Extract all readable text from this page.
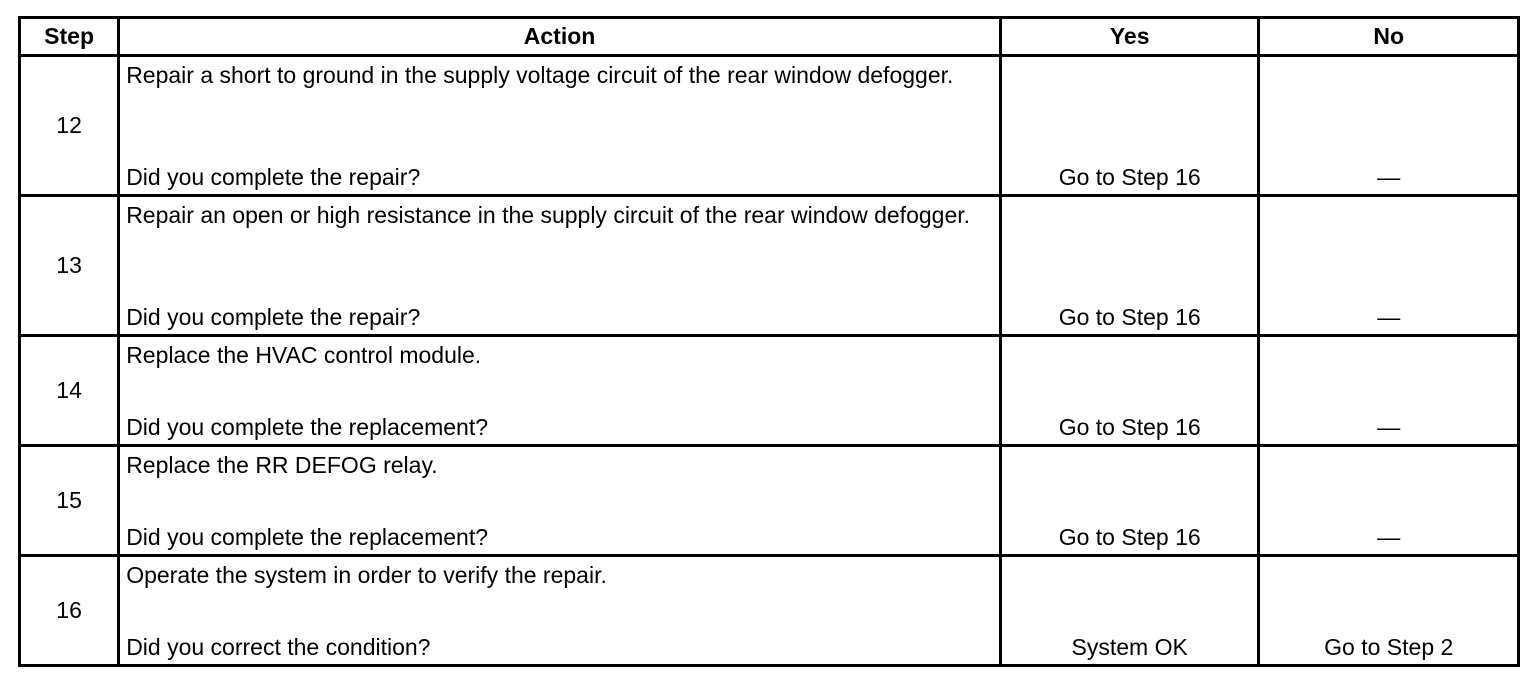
Step	Action	Yes	No
12	Repair a short to ground in the supply voltage circuit of the rear window defogger.
Did you complete the repair?	Go to Step 16	—
13	Repair an open or high resistance in the supply circuit of the rear window defogger.
Did you complete the repair?	Go to Step 16	—
14	Replace the HVAC control module.
Did you complete the replacement?	Go to Step 16	—
15	Replace the RR DEFOG relay.
Did you complete the replacement?	Go to Step 16	—
16	Operate the system in order to verify the repair.
Did you correct the condition?	System OK	Go to Step 2
